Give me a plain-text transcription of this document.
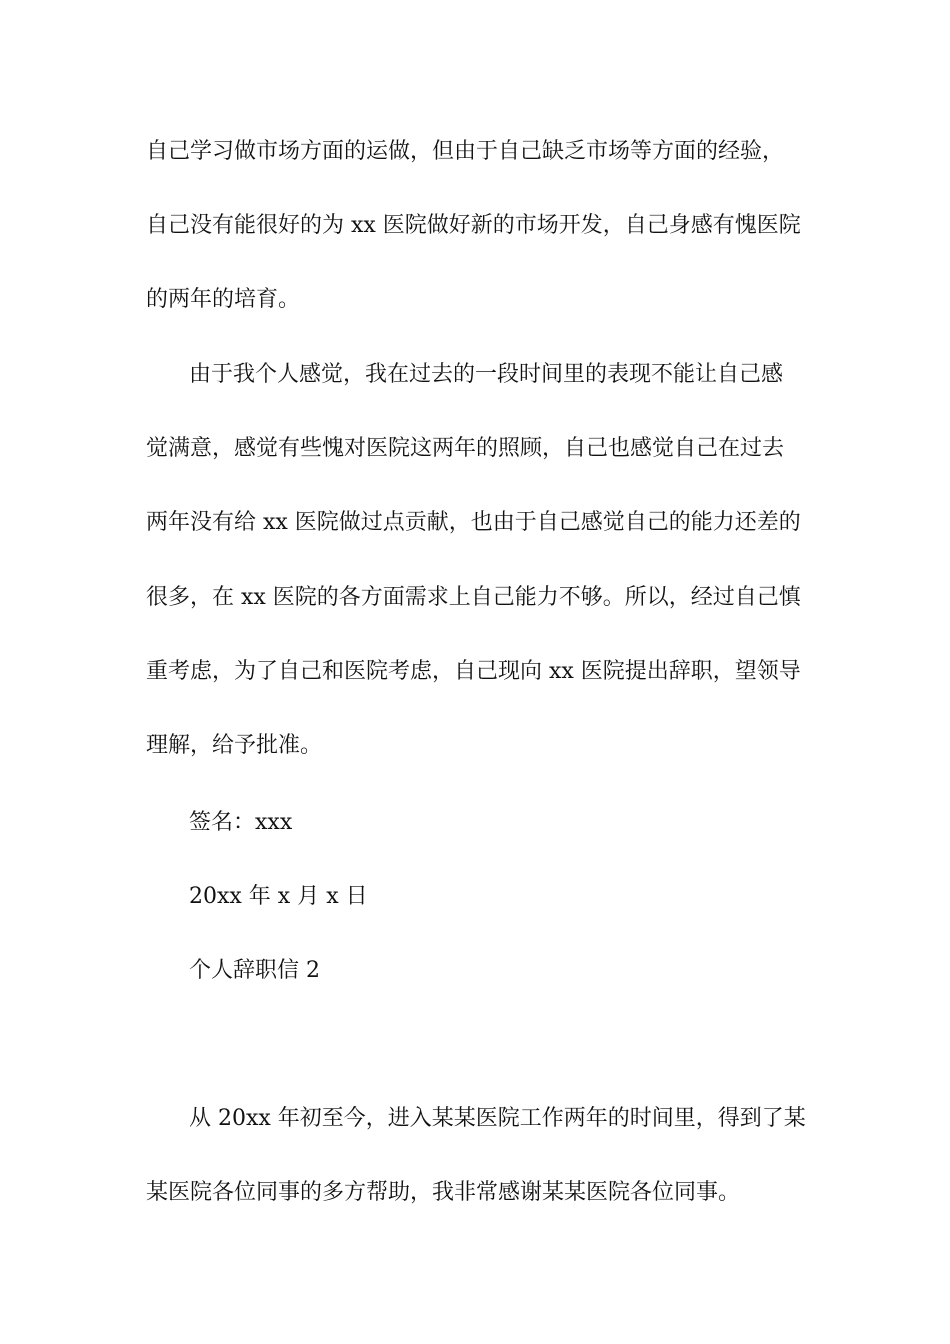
自己学习做市场方面的运做，但由于自己缺乏市场等方面的经验，
自己没有能很好的为 xx 医院做好新的市场开发，自己身感有愧医院
的两年的培育。
由于我个人感觉，我在过去的一段时间里的表现不能让自己感
觉满意，感觉有些愧对医院这两年的照顾，自己也感觉自己在过去
两年没有给 xx 医院做过点贡献，也由于自己感觉自己的能力还差的
很多，在 xx 医院的各方面需求上自己能力不够。所以，经过自己慎
重考虑，为了自己和医院考虑，自己现向 xx 医院提出辞职，望领导
理解，给予批准。
签名：xxx
20xx 年 x 月 x 日
个人辞职信 2
从 20xx 年初至今，进入某某医院工作两年的时间里，得到了某
某医院各位同事的多方帮助，我非常感谢某某医院各位同事。
